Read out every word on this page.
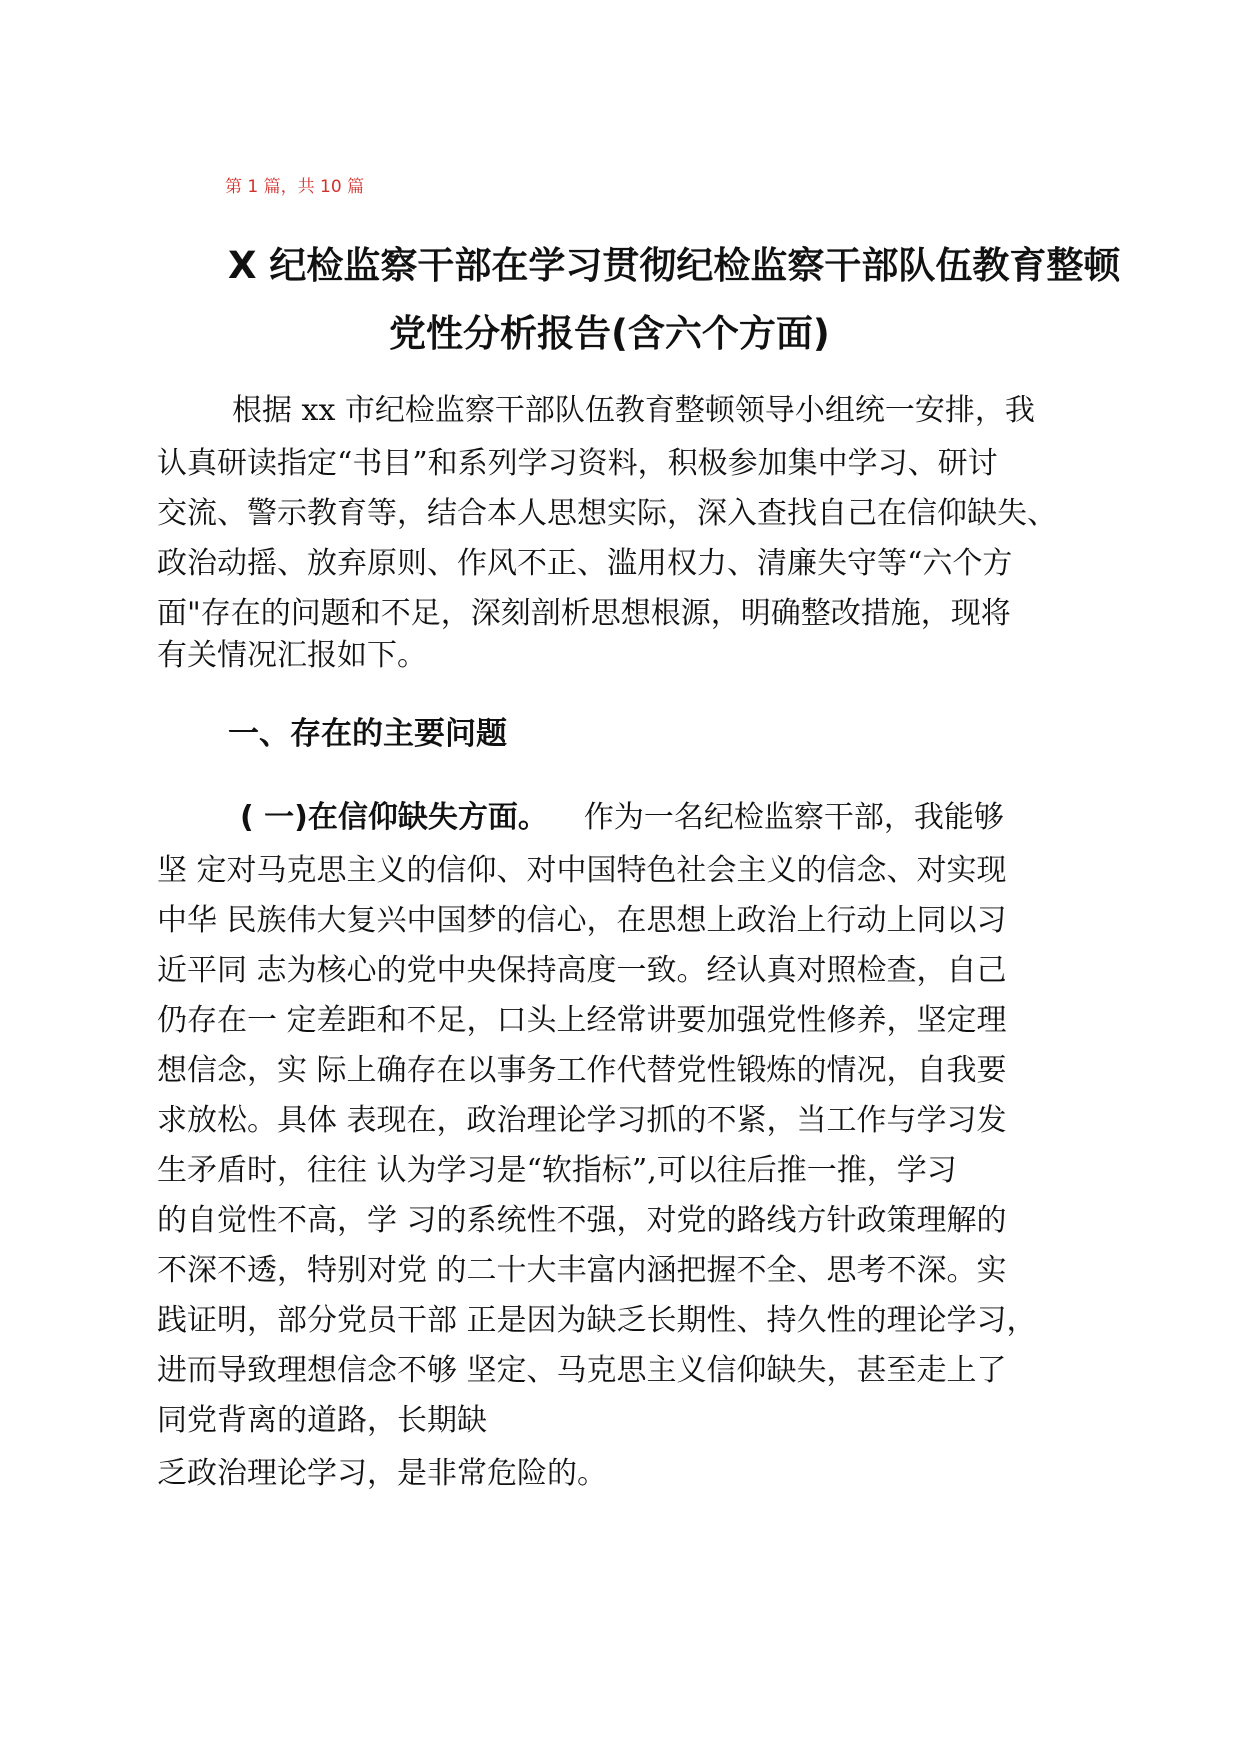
第 1 篇，共 10 篇
X 纪检监察干部在学习贯彻纪检监察干部队伍教育整顿
党性分析报告(含六个方面)
根据 xx 市纪检监察干部队伍教育整顿领导小组统一安排，我
认真研读指定“书目”和系列学习资料，积极参加集中学习、研讨
交流、警示教育等，结合本人思想实际，深入查找自己在信仰缺失、
政治动摇、放弃原则、作风不正、滥用权力、清廉失守等“六个方
面"存在的问题和不足，深刻剖析思想根源，明确整改措施，现将
有关情况汇报如下。
一、存在的主要问题
( 一)在信仰缺失方面。 作为一名纪检监察干部，我能够
坚 定对马克思主义的信仰、对中国特色社会主义的信念、对实现
中华 民族伟大复兴中国梦的信心，在思想上政治上行动上同以习
近平同 志为核心的党中央保持高度一致。经认真对照检查，自己
仍存在一 定差距和不足，口头上经常讲要加强党性修养，坚定理
想信念，实 际上确存在以事务工作代替党性锻炼的情况，自我要
求放松。具体 表现在，政治理论学习抓的不紧，当工作与学习发
生矛盾时，往往 认为学习是“软指标”,可以往后推一推，学习
的自觉性不高，学 习的系统性不强，对党的路线方针政策理解的
不深不透，特别对党 的二十大丰富内涵把握不全、思考不深。实
践证明，部分党员干部 正是因为缺乏长期性、持久性的理论学习，
进而导致理想信念不够 坚定、马克思主义信仰缺失，甚至走上了
同党背离的道路，长期缺
乏政治理论学习，是非常危险的。
